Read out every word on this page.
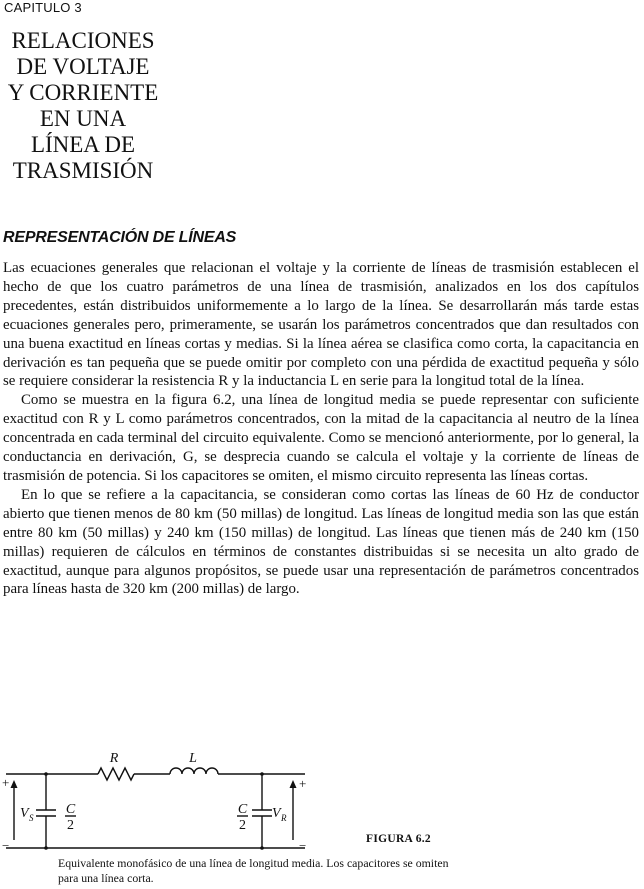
CAPITULO 3
RELACIONES
DE VOLTAJE
Y CORRIENTE
EN UNA
LÍNEA DE
TRASMISIÓN
REPRESENTACIÓN DE LÍNEAS

Las ecuaciones generales que relacionan el voltaje y la corriente de líneas de trasmisión establecen el hecho de que los cuatro parámetros de una línea de trasmisión, analizados en los dos capítulos precedentes, están distribuidos uniformemente a lo largo de la línea. Se desarrollarán más tarde estas ecuaciones generales pero, primeramente, se usarán los parámetros concentrados que dan resultados con una buena exactitud en líneas cortas y medias. Si la línea aérea se clasifica como corta, la capacitancia en derivación es tan pequeña que se puede omitir por completo con una pérdida de exactitud pequeña y sólo se requiere considerar la resistencia R y la inductancia L en serie para la longitud total de la línea.

Como se muestra en la figura 6.2, una línea de longitud media se puede representar con suficiente exactitud con R y L como parámetros concentrados, con la mitad de la capacitancia al neutro de la línea concentrada en cada terminal del circuito equivalente. Como se mencionó anteriormente, por lo general, la conductancia en derivación, G, se desprecia cuando se calcula el voltaje y la corriente de líneas de trasmisión de potencia. Si los capacitores se omiten, el mismo circuito representa las líneas cortas.

En lo que se refiere a la capacitancia, se consideran como cortas las líneas de 60 Hz de conductor abierto que tienen menos de 80 km (50 millas) de longitud. Las líneas de longitud media son las que están entre 80 km (50 millas) y 240 km (150 millas) de longitud. Las líneas que tienen más de 240 km (150 millas) requieren de cálculos en términos de constantes distribuidas si se necesita un alto grado de exactitud, aunque para algunos propósitos, se puede usar una representación de parámetros concentrados para líneas hasta de 320 km (200 millas) de largo.

R	L
+
−
+
−
V S	V R
C
2
C
2
FIGURA 6.2
Equivalente monofásico de una línea de longitud media. Los capacitores se omiten para una línea corta.
